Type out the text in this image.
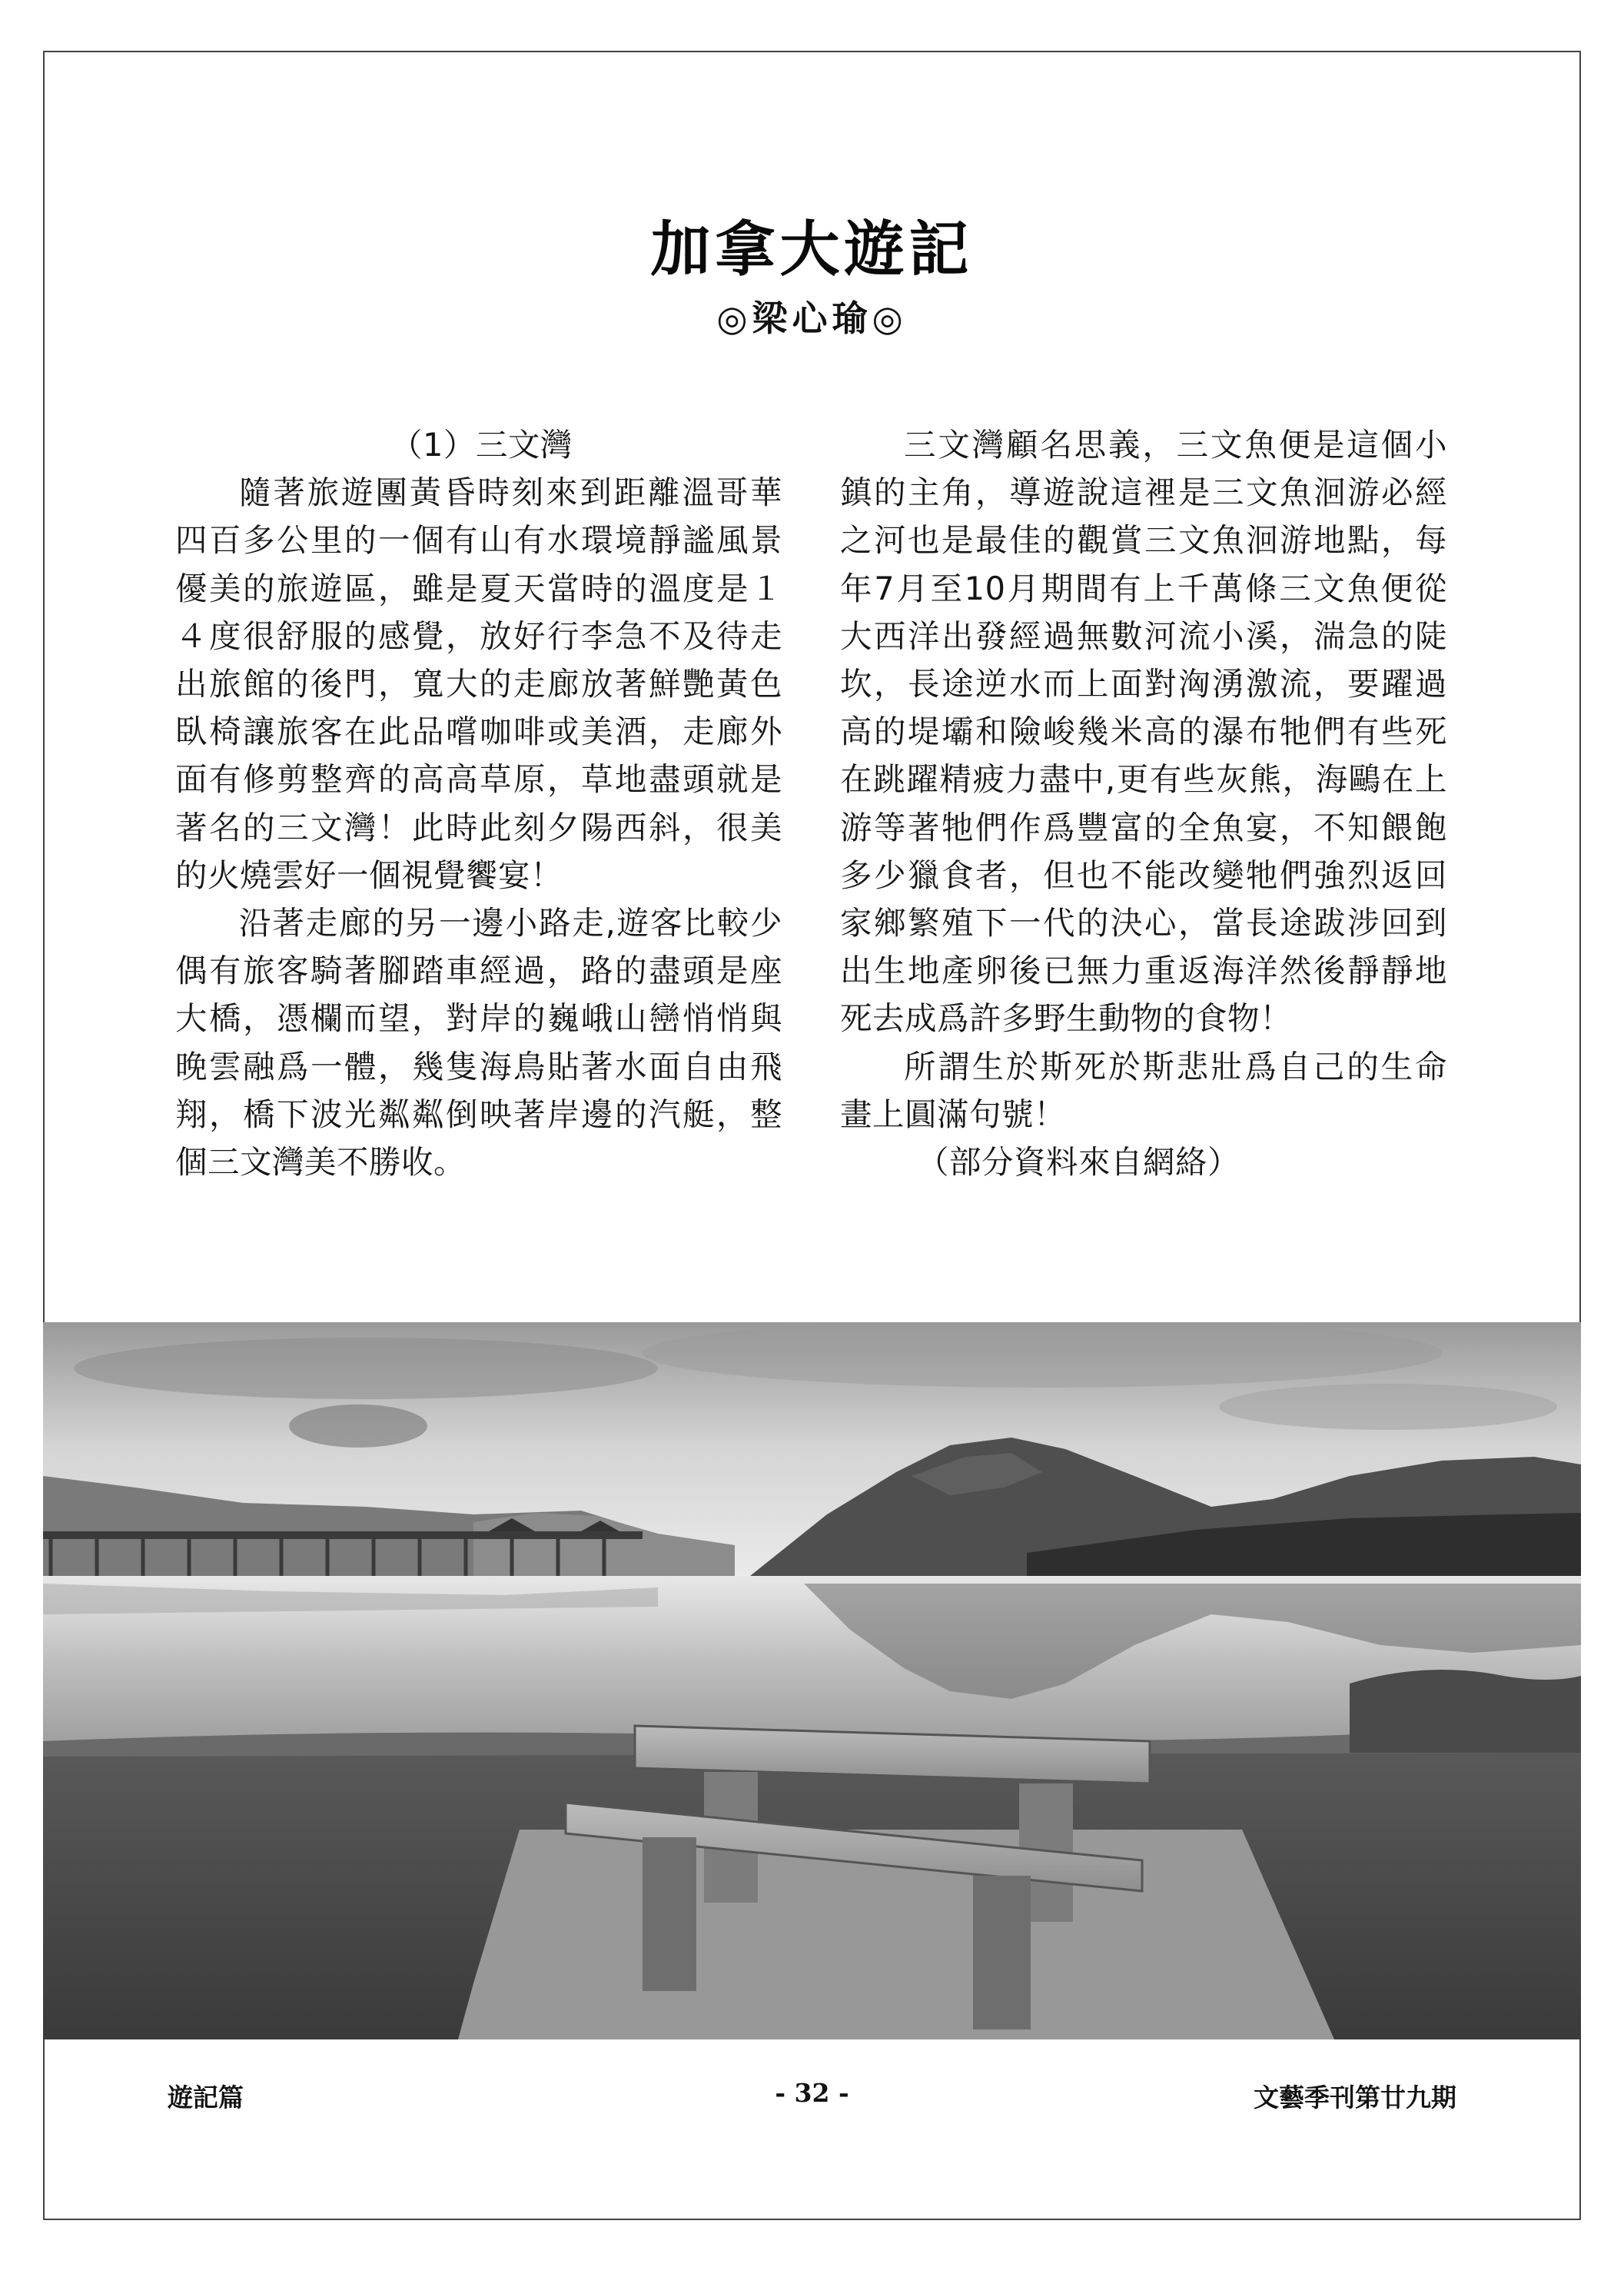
加拿大遊記
◎梁心瑜◎

（1）三文灣

隨著旅遊團黃昏時刻來到距離溫哥華四百多公里的一個有山有水環境靜謐風景優美的旅遊區，雖是夏天當時的溫度是１４度很舒服的感覺，放好行李急不及待走出旅館的後門，寬大的走廊放著鮮艷黃色臥椅讓旅客在此品嚐咖啡或美酒，走廊外面有修剪整齊的高高草原，草地盡頭就是著名的三文灣！此時此刻夕陽西斜，很美的火燒雲好一個視覺饗宴！

沿著走廊的另一邊小路走,遊客比較少偶有旅客騎著腳踏車經過，路的盡頭是座大橋，憑欄而望，對岸的巍峨山巒悄悄與晚雲融爲一體，幾隻海鳥貼著水面自由飛翔，橋下波光粼粼倒映著岸邊的汽艇，整個三文灣美不勝收。

三文灣顧名思義，三文魚便是這個小鎮的主角，導遊說這裡是三文魚洄游必經之河也是最佳的觀賞三文魚洄游地點，每年7月至10月期間有上千萬條三文魚便從大西洋出發經過無數河流小溪，湍急的陡坎，長途逆水而上面對洶湧激流，要躍過高的堤壩和險峻幾米高的瀑布牠們有些死在跳躍精疲力盡中,更有些灰熊，海鷗在上游等著牠們作爲豐富的全魚宴，不知餵飽多少獵食者，但也不能改變牠們強烈返回家鄉繁殖下一代的決心，當長途跋涉回到出生地產卵後已無力重返海洋然後靜靜地死去成爲許多野生動物的食物！

所謂生於斯死於斯悲壯爲自己的生命畫上圓滿句號！

（部分資料來自網絡）

遊記篇	- 32 -	文藝季刊第廿九期
